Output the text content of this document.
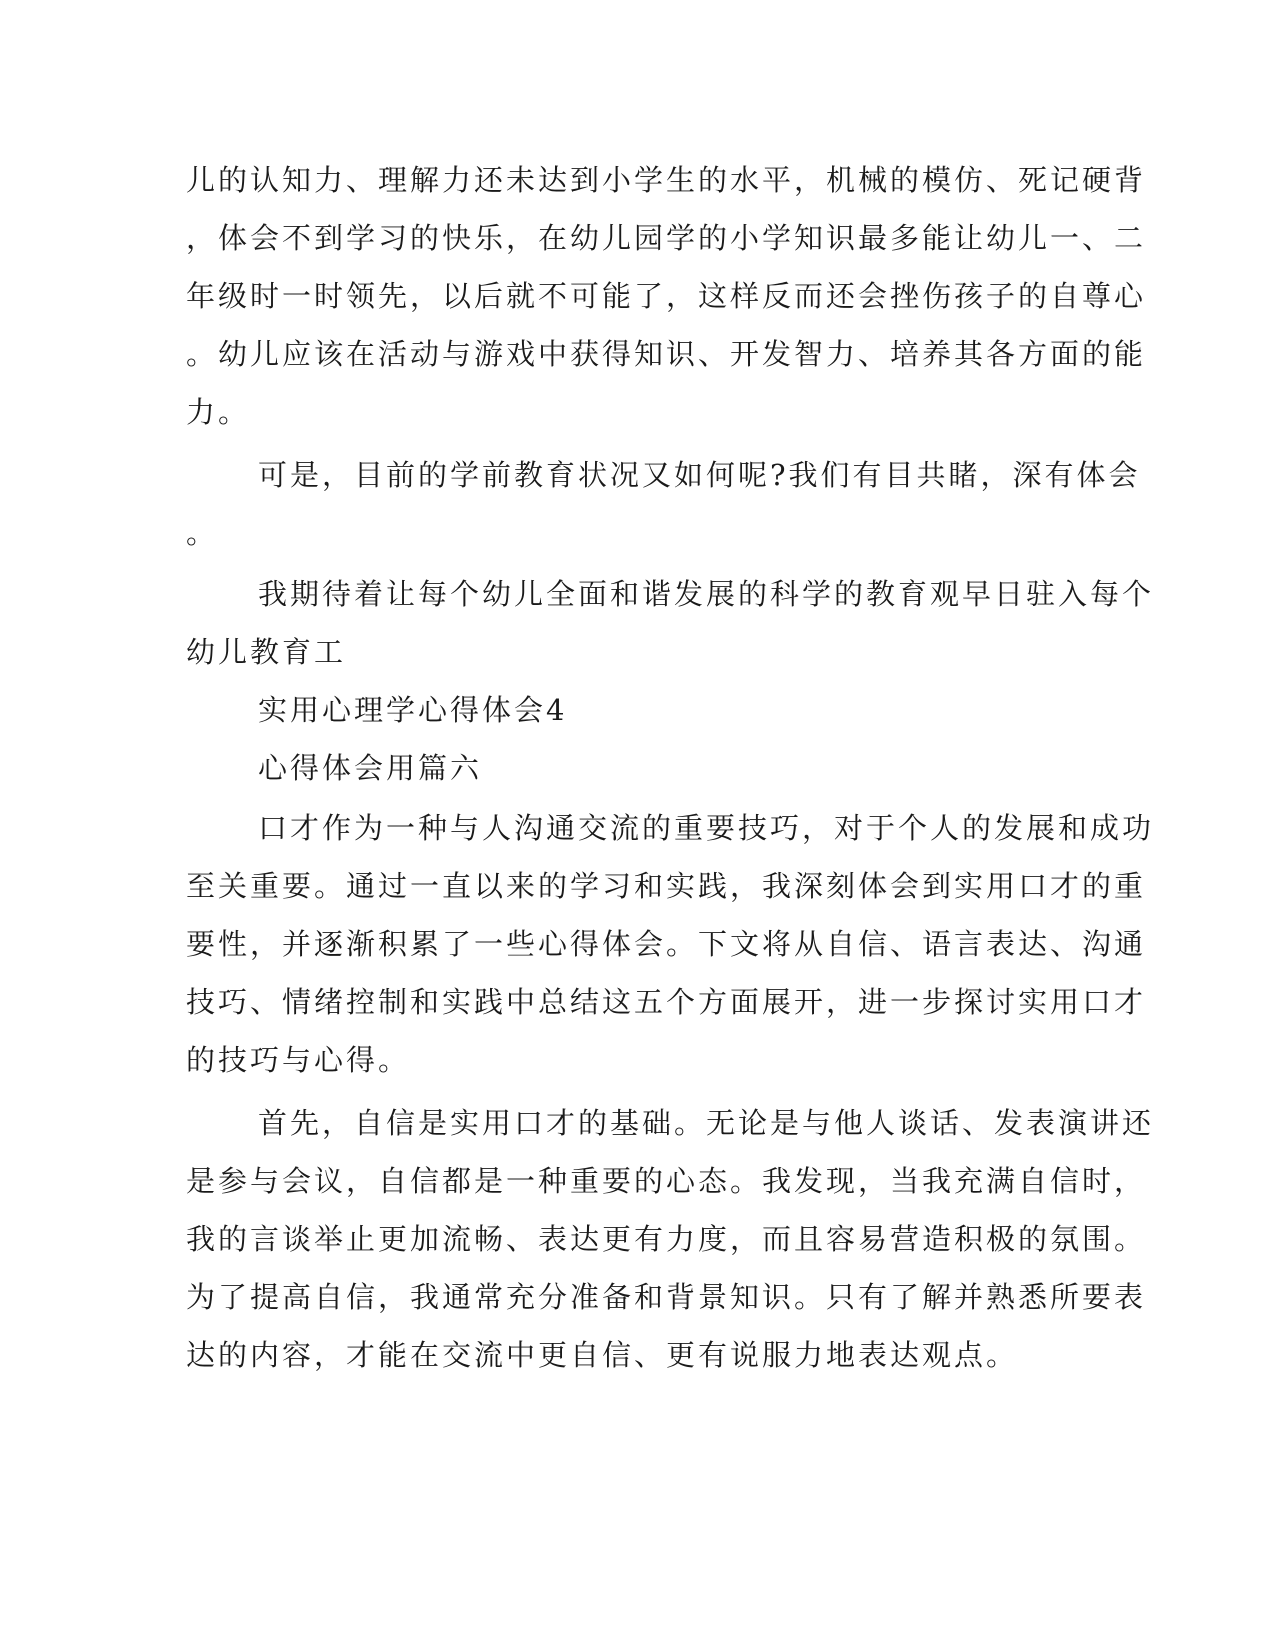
儿的认知力、理解力还未达到小学生的水平，机械的模仿、死记硬背
，体会不到学习的快乐，在幼儿园学的小学知识最多能让幼儿一、二
年级时一时领先，以后就不可能了，这样反而还会挫伤孩子的自尊心
。幼儿应该在活动与游戏中获得知识、开发智力、培养其各方面的能
力。
可是，目前的学前教育状况又如何呢?我们有目共睹，深有体会
。
我期待着让每个幼儿全面和谐发展的科学的教育观早日驻入每个
幼儿教育工
实用心理学心得体会4
心得体会用篇六
口才作为一种与人沟通交流的重要技巧，对于个人的发展和成功
至关重要。通过一直以来的学习和实践，我深刻体会到实用口才的重
要性，并逐渐积累了一些心得体会。下文将从自信、语言表达、沟通
技巧、情绪控制和实践中总结这五个方面展开，进一步探讨实用口才
的技巧与心得。
首先，自信是实用口才的基础。无论是与他人谈话、发表演讲还
是参与会议，自信都是一种重要的心态。我发现，当我充满自信时，
我的言谈举止更加流畅、表达更有力度，而且容易营造积极的氛围。
为了提高自信，我通常充分准备和背景知识。只有了解并熟悉所要表
达的内容，才能在交流中更自信、更有说服力地表达观点。
